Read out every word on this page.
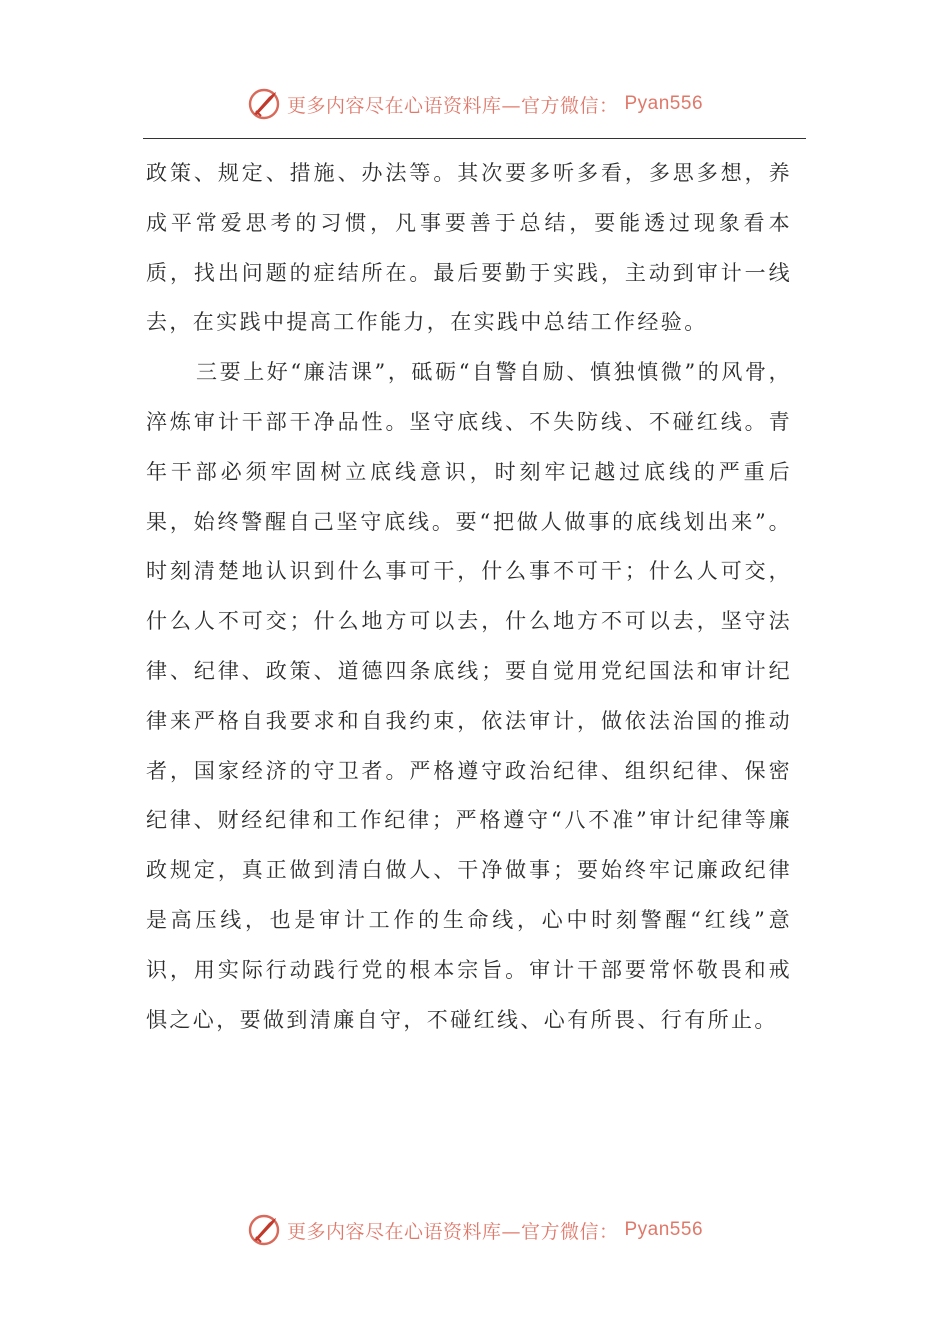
更多内容尽在心语资料库—官方微信： Pyan556

政策、规定、措施、办法等。其次要多听多看，多思多想，养成平常爱思考的习惯，凡事要善于总结，要能透过现象看本质，找出问题的症结所在。最后要勤于实践，主动到审计一线去，在实践中提高工作能力，在实践中总结工作经验。

三要上好“廉洁课”，砥砺“自警自励、慎独慎微”的风骨，淬炼审计干部干净品性。坚守底线、不失防线、不碰红线。青年干部必须牢固树立底线意识，时刻牢记越过底线的严重后果，始终警醒自己坚守底线。要“把做人做事的底线划出来”。时刻清楚地认识到什么事可干，什么事不可干；什么人可交，什么人不可交；什么地方可以去，什么地方不可以去，坚守法律、纪律、政策、道德四条底线；要自觉用党纪国法和审计纪律来严格自我要求和自我约束，依法审计，做依法治国的推动者，国家经济的守卫者。严格遵守政治纪律、组织纪律、保密纪律、财经纪律和工作纪律；严格遵守“八不准”审计纪律等廉政规定，真正做到清白做人、干净做事；要始终牢记廉政纪律是高压线，也是审计工作的生命线，心中时刻警醒“红线”意识，用实际行动践行党的根本宗旨。审计干部要常怀敬畏和戒惧之心，要做到清廉自守，不碰红线、心有所畏、行有所止。

更多内容尽在心语资料库—官方微信： Pyan556
